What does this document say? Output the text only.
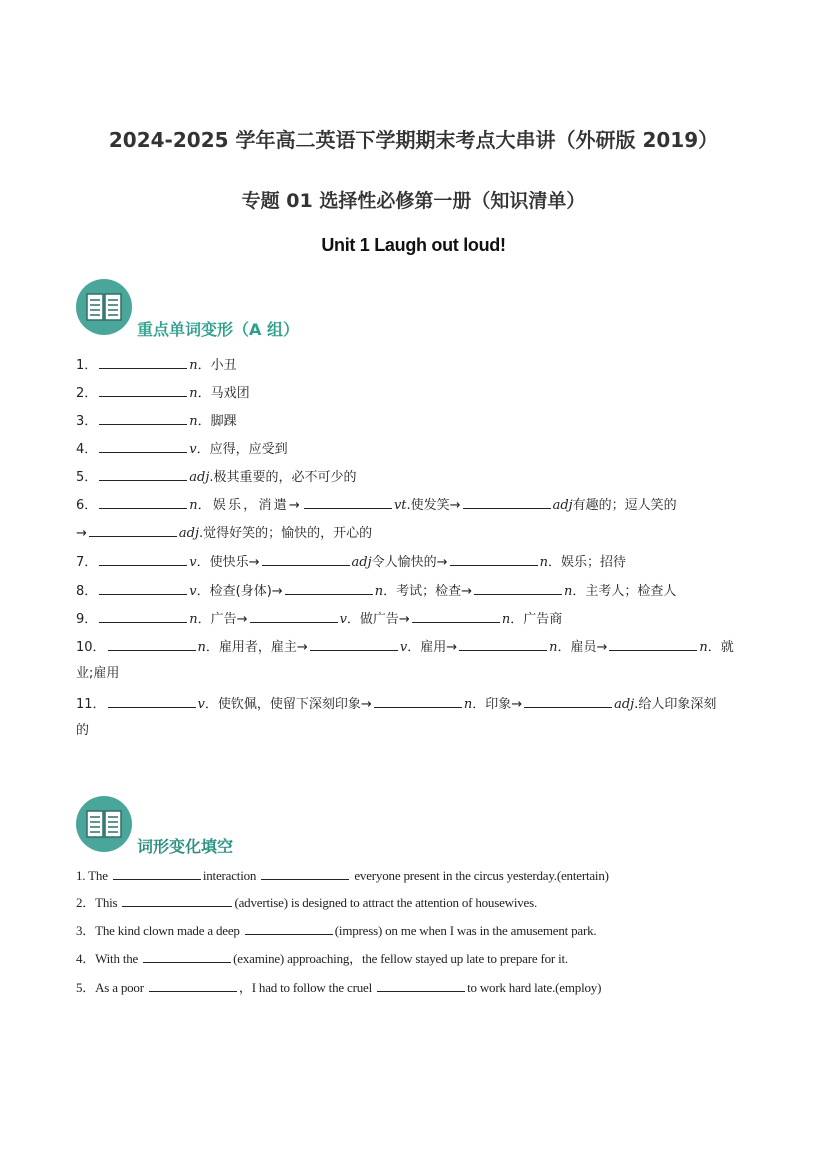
2024-2025 学年高二英语下学期期末考点大串讲（外研版 2019）
专题 01 选择性必修第一册（知识清单）
Unit 1 Laugh out loud!
重点单词变形（A 组）
1．	n．小丑
2．	n．马戏团
3．	n．脚踝
4．	v．应得，应受到
5．	adj.极其重要的，必不可少的
6．	n．娱乐，消遣→	vt.使发笑→	adj有趣的；逗人笑的
→	adj.觉得好笑的；愉快的，开心的
7．	v．使快乐→	adj令人愉快的→	n．娱乐；招待
8．	v．检查(身体)→	n．考试；检查→	n．主考人；检查人
9．	n．广告→	v．做广告→	n．广告商
10．	n．雇用者，雇主→	v．雇用→	n．雇员→	n．就
业;雇用
11．	v．使钦佩，使留下深刻印象→	n．印象→	adj.给人印象深刻
的
词形变化填空
1. The	interaction	everyone present in the circus yesterday.(entertain)
2．This	(advertise) is designed to attract the attention of housewives.
3．The kind clown made a deep	(impress) on me when I was in the amusement park.
4．With the	(examine) approaching，the fellow stayed up late to prepare for it.
5．As a poor	，I had to follow the cruel	to work hard late.(employ)
